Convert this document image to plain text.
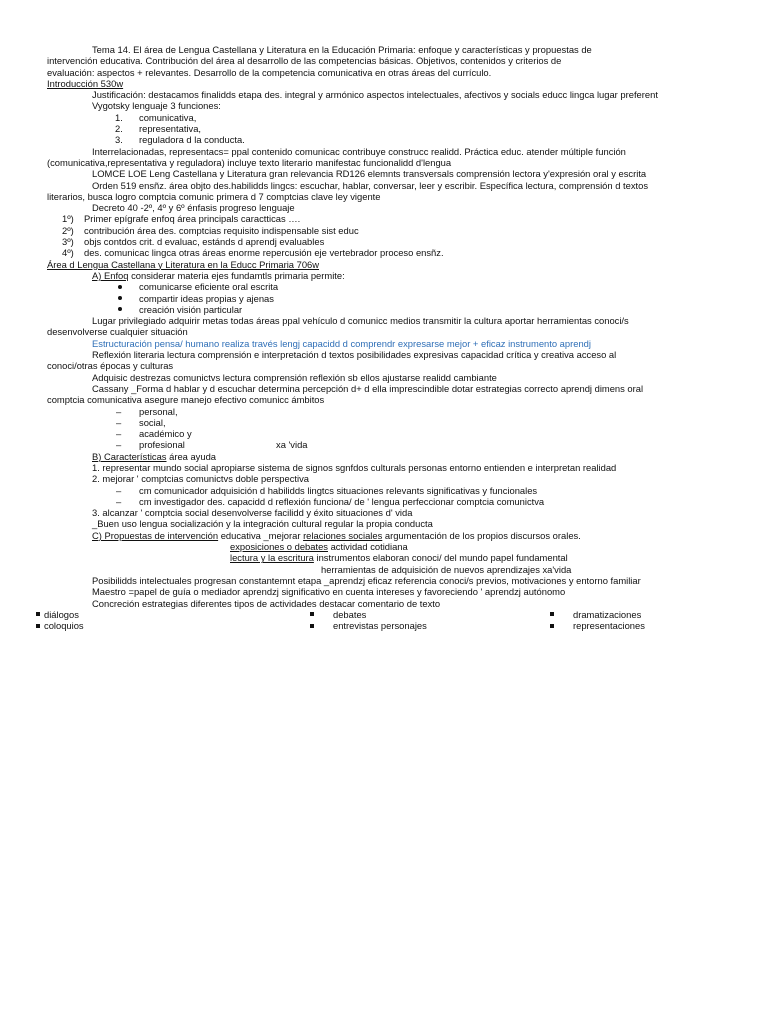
Tema 14. El área de Lengua Castellana y Literatura en la Educación Primaria: enfoque y características y propuestas de
intervención educativa. Contribución del área al desarrollo de las competencias básicas. Objetivos, contenidos y criterios de
evaluación: aspectos + relevantes. Desarrollo de la competencia comunicativa en otras áreas del currículo.
Introducción 530w
Justificación: destacamos finalidds etapa des. integral y armónico aspectos intelectuales, afectivos y socials educc lingca lugar preferent
Vygotsky lenguaje 3 funciones:
1. comunicativa,
2. representativa,
3. reguladora d la conducta.
Interrelacionadas, representacs= ppal contenido comunicac contribuye construcc realidd. Práctica educ. atender múltiple función
(comunicativa,representativa y reguladora) incluye texto literario manifestac funcionalidd d'lengua
LOMCE LOE Leng Castellana y Literatura gran relevancia RD126 elemnts transversals comprensión lectora y'expresión oral y escrita
Orden 519 ensñz. área objto des.habilidds lingcs: escuchar, hablar, conversar, leer y escribir. Específica lectura, comprensión d textos
literarios, busca logro comptcia comunic primera d 7 comptcias clave ley vigente
Decreto 40 -2º, 4º y 6º énfasis progreso lenguaje
1º) Primer epígrafe enfoq área principals caractticas ….
2º) contribución área des. comptcias requisito indispensable sist educ
3º) objs contdos crit. d evaluac, estánds d aprendj evaluables
4º) des. comunicac lingca otras áreas enorme repercusión eje vertebrador proceso ensñz.
Área d Lengua Castellana y Literatura en la Educc Primaria 706w
A) Enfoq considerar materia ejes fundamtls primaria permite:
comunicarse eficiente oral escrita
compartir ideas propias y ajenas
creación visión particular
Lugar privilegiado adquirir metas todas áreas ppal vehículo d comunicc medios transmitir la cultura aportar herramientas conoci/s
desenvolverse cualquier situación
Estructuración pensa/ humano realiza través lengj capacidd d comprendr expresarse mejor + eficaz instrumento aprendj
Reflexión literaria lectura comprensión e interpretación d textos posibilidades expresivas capacidad crítica y creativa acceso al
conoci/otras épocas y culturas
Adquisic destrezas comunictvs lectura comprensión reflexión sb ellos ajustarse realidd cambiante
Cassany _Forma d hablar y d escuchar determina percepción d+ d ella imprescindible dotar estrategias correcto aprendj dimens oral
comptcia comunicativa asegure manejo efectivo comunicc ámbitos
– personal,
– social,
– académico y
– profesional	xa 'vida
B) Características área ayuda
1. representar mundo social apropiarse sistema de signos sgnfdos culturals personas entorno entienden e interpretan realidad
2. mejorar ' comptcias comunictvs doble perspectiva
– cm comunicador adquisición d habilidds lingtcs situaciones relevants significativas y funcionales
– cm investigador des. capacidd d reflexión funciona/ de ' lengua perfeccionar comptcia comunictva
3. alcanzar ' comptcia social desenvolverse facilidd y éxito situaciones d' vida
_Buen uso lengua socialización y la integración cultural regular la propia conducta
C) Propuestas de intervención educativa _mejorar relaciones sociales argumentación de los propios discursos orales.
exposiciones o debates actividad cotidiana
lectura y la escritura instrumentos elaboran conoci/ del mundo papel fundamental
herramientas de adquisición de nuevos aprendizajes xa'vida
Posibilidds intelectuales progresan constantemnt etapa _aprendzj eficaz referencia conoci/s previos, motivaciones y entorno familiar
Maestro =papel de guía o mediador aprendzj significativo en cuenta intereses y favoreciendo ' aprendzj autónomo
Concreción estrategias diferentes tipos de actividades destacar comentario de texto
diálogos	debates	dramatizaciones
coloquios	entrevistas personajes	representaciones
